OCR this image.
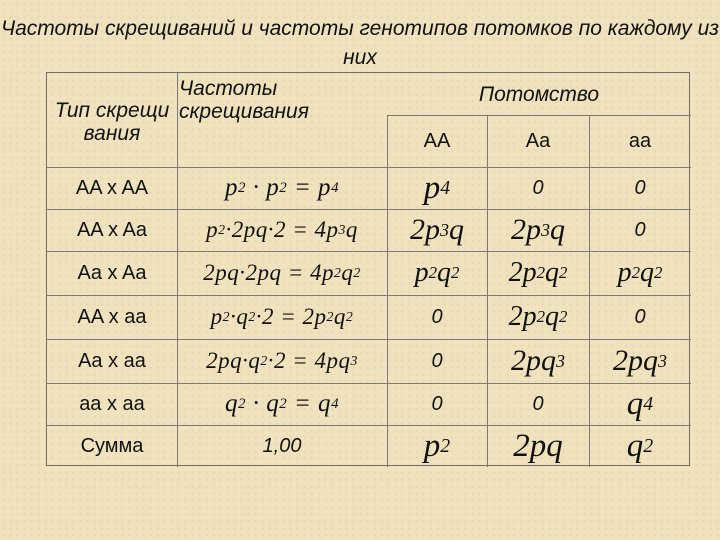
Частоты скрещиваний и частоты генотипов потомков по каждому из них
Тип скрещивания
Частоты скрещивания
Потомство
AA	Aa	aa
AA x AA	p 2 · p 2 = p 4	p 4	0	0
AA x Aa	p 2 ·2pq·2 = 4p 3 q	2p 3 q	2p 3 q	0
Aa x Aa	2pq·2pq = 4p 2 q 2	p 2 q 2	2p 2 q 2	p 2 q 2
AA x aa	p 2 ·q 2 ·2 = 2p 2 q 2	0	2p 2 q 2	0
Aa x aa	2pq·q 2 ·2 = 4pq 3	0	2pq 3	2pq 3
aa x aa	q 2 · q 2 = q 4	0	0	q 4
Сумма	1,00	p 2	2pq	q 2
